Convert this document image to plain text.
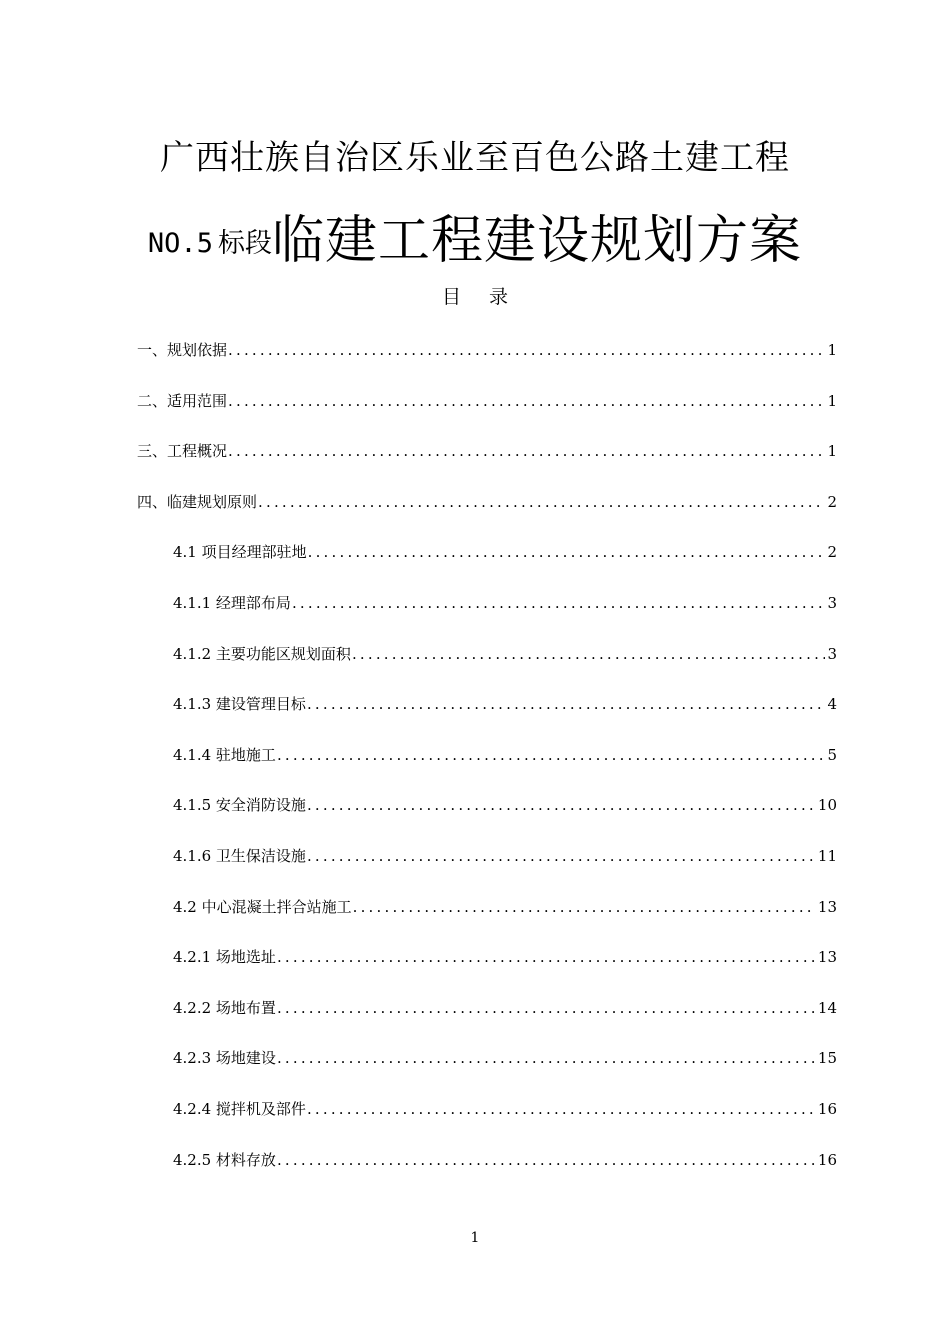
广西壮族自治区乐业至百色公路土建工程
NO.5 标段临建工程建设规划方案
目录
一、规划依据 .....	1
二、适用范围 .....	1
三、工程概况 .....	1
四、临建规划原则 .....	2
4.1 项目经理部驻地 .....	2
4.1.1 经理部布局 .....	3
4.1.2 主要功能区规划面积 .....	3
4.1.3 建设管理目标 .....	4
4.1.4 驻地施工 .....	5
4.1.5 安全消防设施 .....	10
4.1.6 卫生保洁设施 .....	11
4.2 中心混凝土拌合站施工 .....	13
4.2.1 场地选址 .....	13
4.2.2 场地布置 .....	14
4.2.3 场地建设 .....	15
4.2.4 搅拌机及部件 .....	16
4.2.5 材料存放 .....	16
1
